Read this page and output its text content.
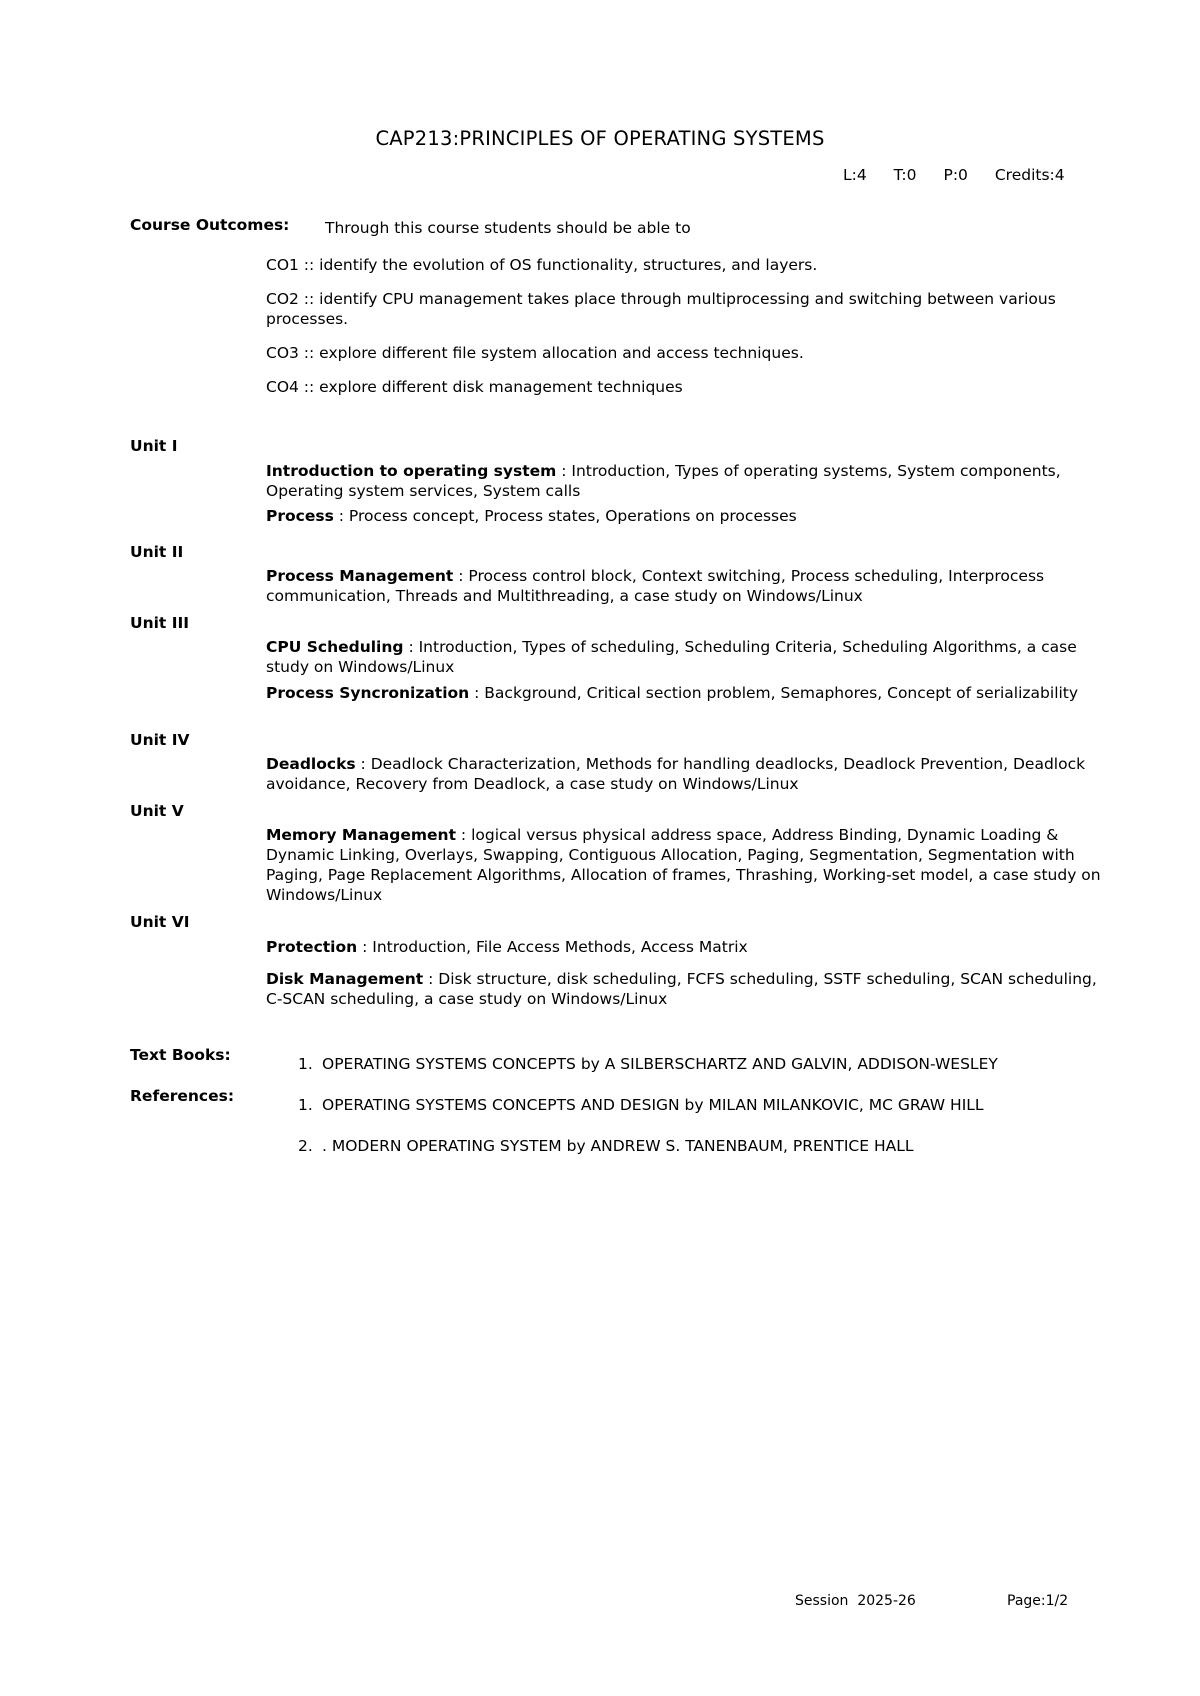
CAP213:PRINCIPLES OF OPERATING SYSTEMS
L:4 T:0 P:0 Credits:4
Course Outcomes: Through this course students should be able to
CO1 :: identify the evolution of OS functionality, structures, and layers.
CO2 :: identify CPU management takes place through multiprocessing and switching between various processes.
CO3 :: explore different file system allocation and access techniques.
CO4 :: explore different disk management techniques
Unit I
Introduction to operating system : Introduction, Types of operating systems, System components, Operating system services, System calls
Process : Process concept, Process states, Operations on processes
Unit II
Process Management : Process control block, Context switching, Process scheduling, Interprocess communication, Threads and Multithreading, a case study on Windows/Linux
Unit III
CPU Scheduling : Introduction, Types of scheduling, Scheduling Criteria, Scheduling Algorithms, a case study on Windows/Linux
Process Syncronization : Background, Critical section problem, Semaphores, Concept of serializability
Unit IV
Deadlocks : Deadlock Characterization, Methods for handling deadlocks, Deadlock Prevention, Deadlock avoidance, Recovery from Deadlock, a case study on Windows/Linux
Unit V
Memory Management : logical versus physical address space, Address Binding, Dynamic Loading & Dynamic Linking, Overlays, Swapping, Contiguous Allocation, Paging, Segmentation, Segmentation with Paging, Page Replacement Algorithms, Allocation of frames, Thrashing, Working-set model, a case study on Windows/Linux
Unit VI
Protection : Introduction, File Access Methods, Access Matrix
Disk Management : Disk structure, disk scheduling, FCFS scheduling, SSTF scheduling, SCAN scheduling, C-SCAN scheduling, a case study on Windows/Linux
Text Books:	1. OPERATING SYSTEMS CONCEPTS by A SILBERSCHARTZ AND GALVIN, ADDISON-WESLEY
References:	1. OPERATING SYSTEMS CONCEPTS AND DESIGN by MILAN MILANKOVIC, MC GRAW HILL
2. . MODERN OPERATING SYSTEM by ANDREW S. TANENBAUM, PRENTICE HALL
Session 2025-26	Page:1/2
